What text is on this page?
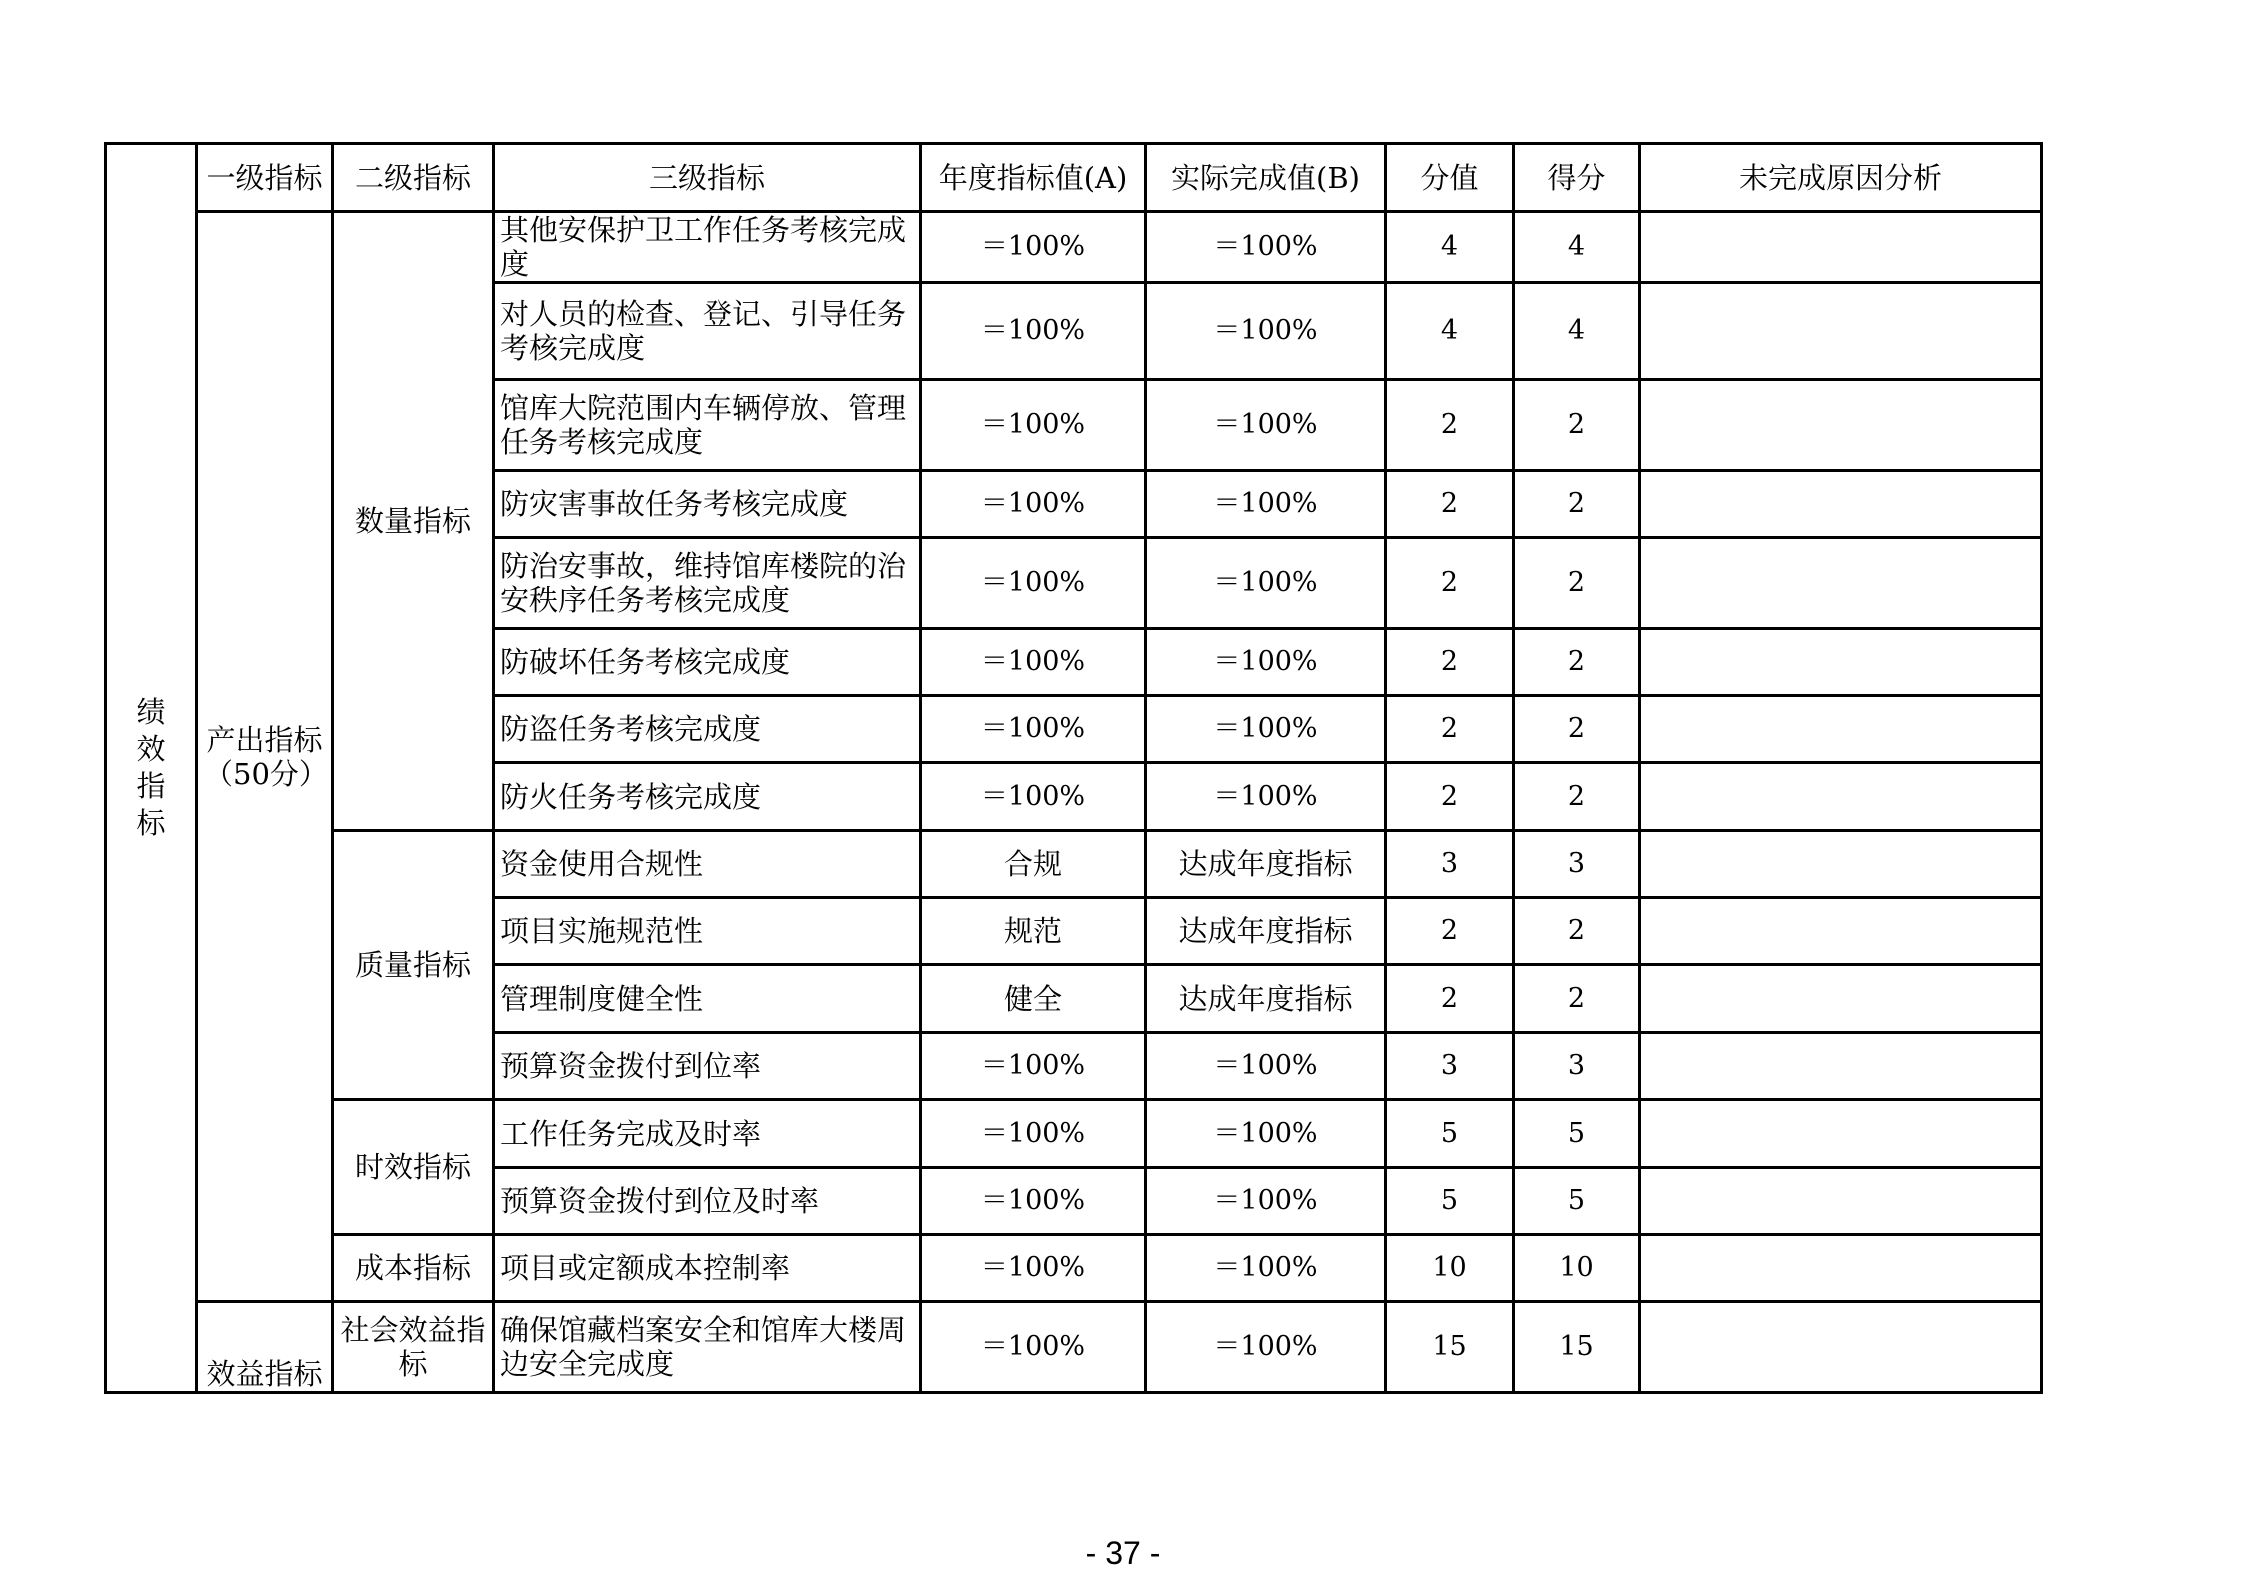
绩效指标	一级指标	二级指标	三级指标	年度指标值(A)	实际完成值(B)	分值	得分	未完成原因分析
	产出指标（50分）	数量指标	其他安保护卫工作任务考核完成度	＝100%	＝100%	4	4	
			对人员的检查、登记、引导任务考核完成度	＝100%	＝100%	4	4	
			馆库大院范围内车辆停放、管理任务考核完成度	＝100%	＝100%	2	2	
			防灾害事故任务考核完成度	＝100%	＝100%	2	2	
			防治安事故，维持馆库楼院的治安秩序任务考核完成度	＝100%	＝100%	2	2	
			防破坏任务考核完成度	＝100%	＝100%	2	2	
			防盗任务考核完成度	＝100%	＝100%	2	2	
			防火任务考核完成度	＝100%	＝100%	2	2	
		质量指标	资金使用合规性	合规	达成年度指标	3	3	
			项目实施规范性	规范	达成年度指标	2	2	
			管理制度健全性	健全	达成年度指标	2	2	
			预算资金拨付到位率	＝100%	＝100%	3	3	
		时效指标	工作任务完成及时率	＝100%	＝100%	5	5	
			预算资金拨付到位及时率	＝100%	＝100%	5	5	
		成本指标	项目或定额成本控制率	＝100%	＝100%	10	10	
	效益指标	社会效益指标	确保馆藏档案安全和馆库大楼周边安全完成度	＝100%	＝100%	15	15	
- 37 -
